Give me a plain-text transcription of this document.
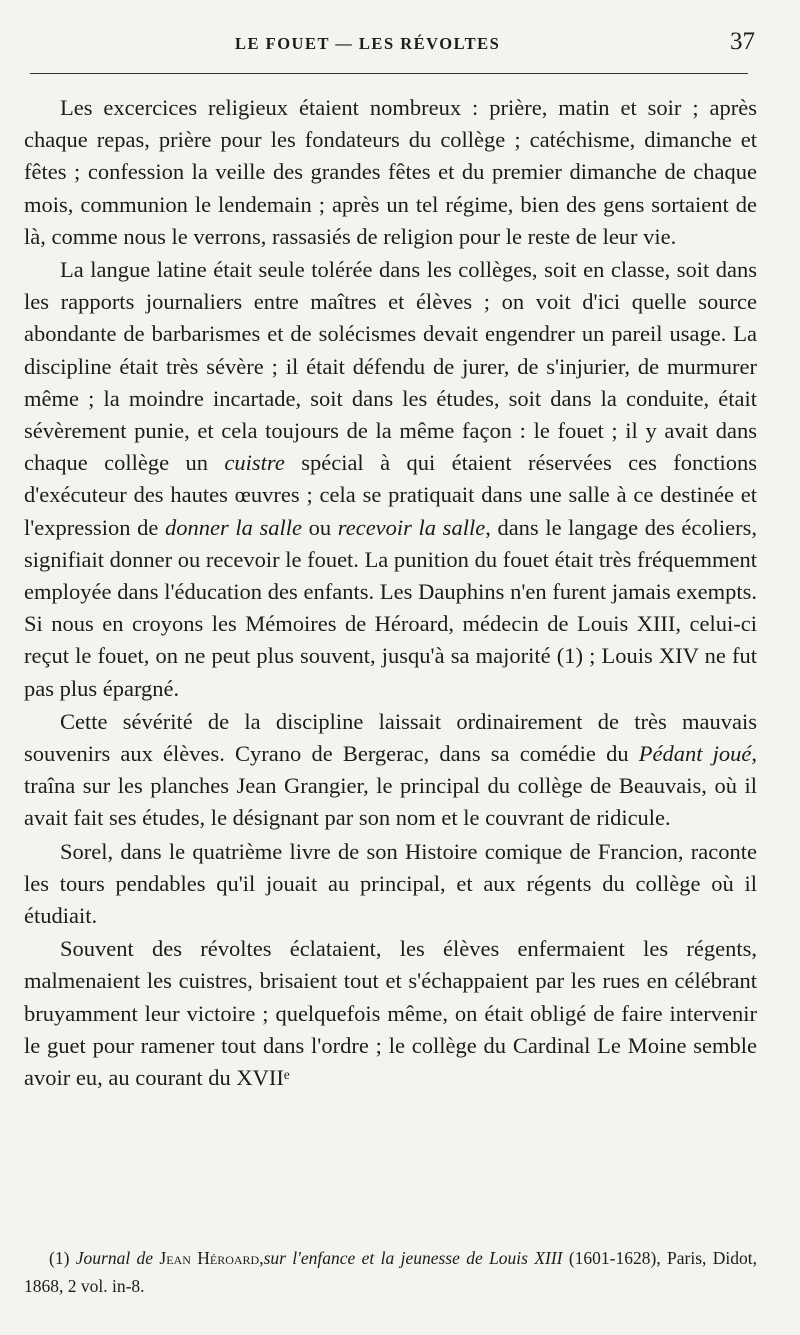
LE FOUET — LES RÉVOLTES	37

Les excercices religieux étaient nombreux : prière, matin et soir ; après chaque repas, prière pour les fondateurs du collège ; catéchisme, dimanche et fêtes ; confession la veille des grandes fêtes et du premier dimanche de chaque mois, communion le lendemain ; après un tel régime, bien des gens sortaient de là, comme nous le verrons, rassasiés de religion pour le reste de leur vie.

La langue latine était seule tolérée dans les collèges, soit en classe, soit dans les rapports journaliers entre maîtres et élèves ; on voit d'ici quelle source abondante de barbarismes et de solécismes devait engendrer un pareil usage. La discipline était très sévère ; il était défendu de jurer, de s'injurier, de murmurer même ; la moindre incartade, soit dans les études, soit dans la conduite, était sévèrement punie, et cela toujours de la même façon : le fouet ; il y avait dans chaque collège un cuistre spécial à qui étaient réservées ces fonctions d'exécuteur des hautes œuvres ; cela se pratiquait dans une salle à ce destinée et l'expression de donner la salle ou recevoir la salle, dans le langage des écoliers, signifiait donner ou recevoir le fouet. La punition du fouet était très fréquemment employée dans l'éducation des enfants. Les Dauphins n'en furent jamais exempts. Si nous en croyons les Mémoires de Héroard, médecin de Louis XIII, celui-ci reçut le fouet, on ne peut plus souvent, jusqu'à sa majorité (1) ; Louis XIV ne fut pas plus épargné.

Cette sévérité de la discipline laissait ordinairement de très mauvais souvenirs aux élèves. Cyrano de Bergerac, dans sa comédie du Pédant joué, traîna sur les planches Jean Grangier, le principal du collège de Beauvais, où il avait fait ses études, le désignant par son nom et le couvrant de ridicule.

Sorel, dans le quatrième livre de son Histoire comique de Francion, raconte les tours pendables qu'il jouait au principal, et aux régents du collège où il étudiait.

Souvent des révoltes éclataient, les élèves enfermaient les régents, malmenaient les cuistres, brisaient tout et s'échappaient par les rues en célébrant bruyamment leur victoire ; quelquefois même, on était obligé de faire intervenir le guet pour ramener tout dans l'ordre ; le collège du Cardinal Le Moine semble avoir eu, au courant du XVIIᵉ

(1) Journal de Jean Héroard,sur l'enfance et la jeunesse de Louis XIII (1601-1628), Paris, Didot, 1868, 2 vol. in-8.
